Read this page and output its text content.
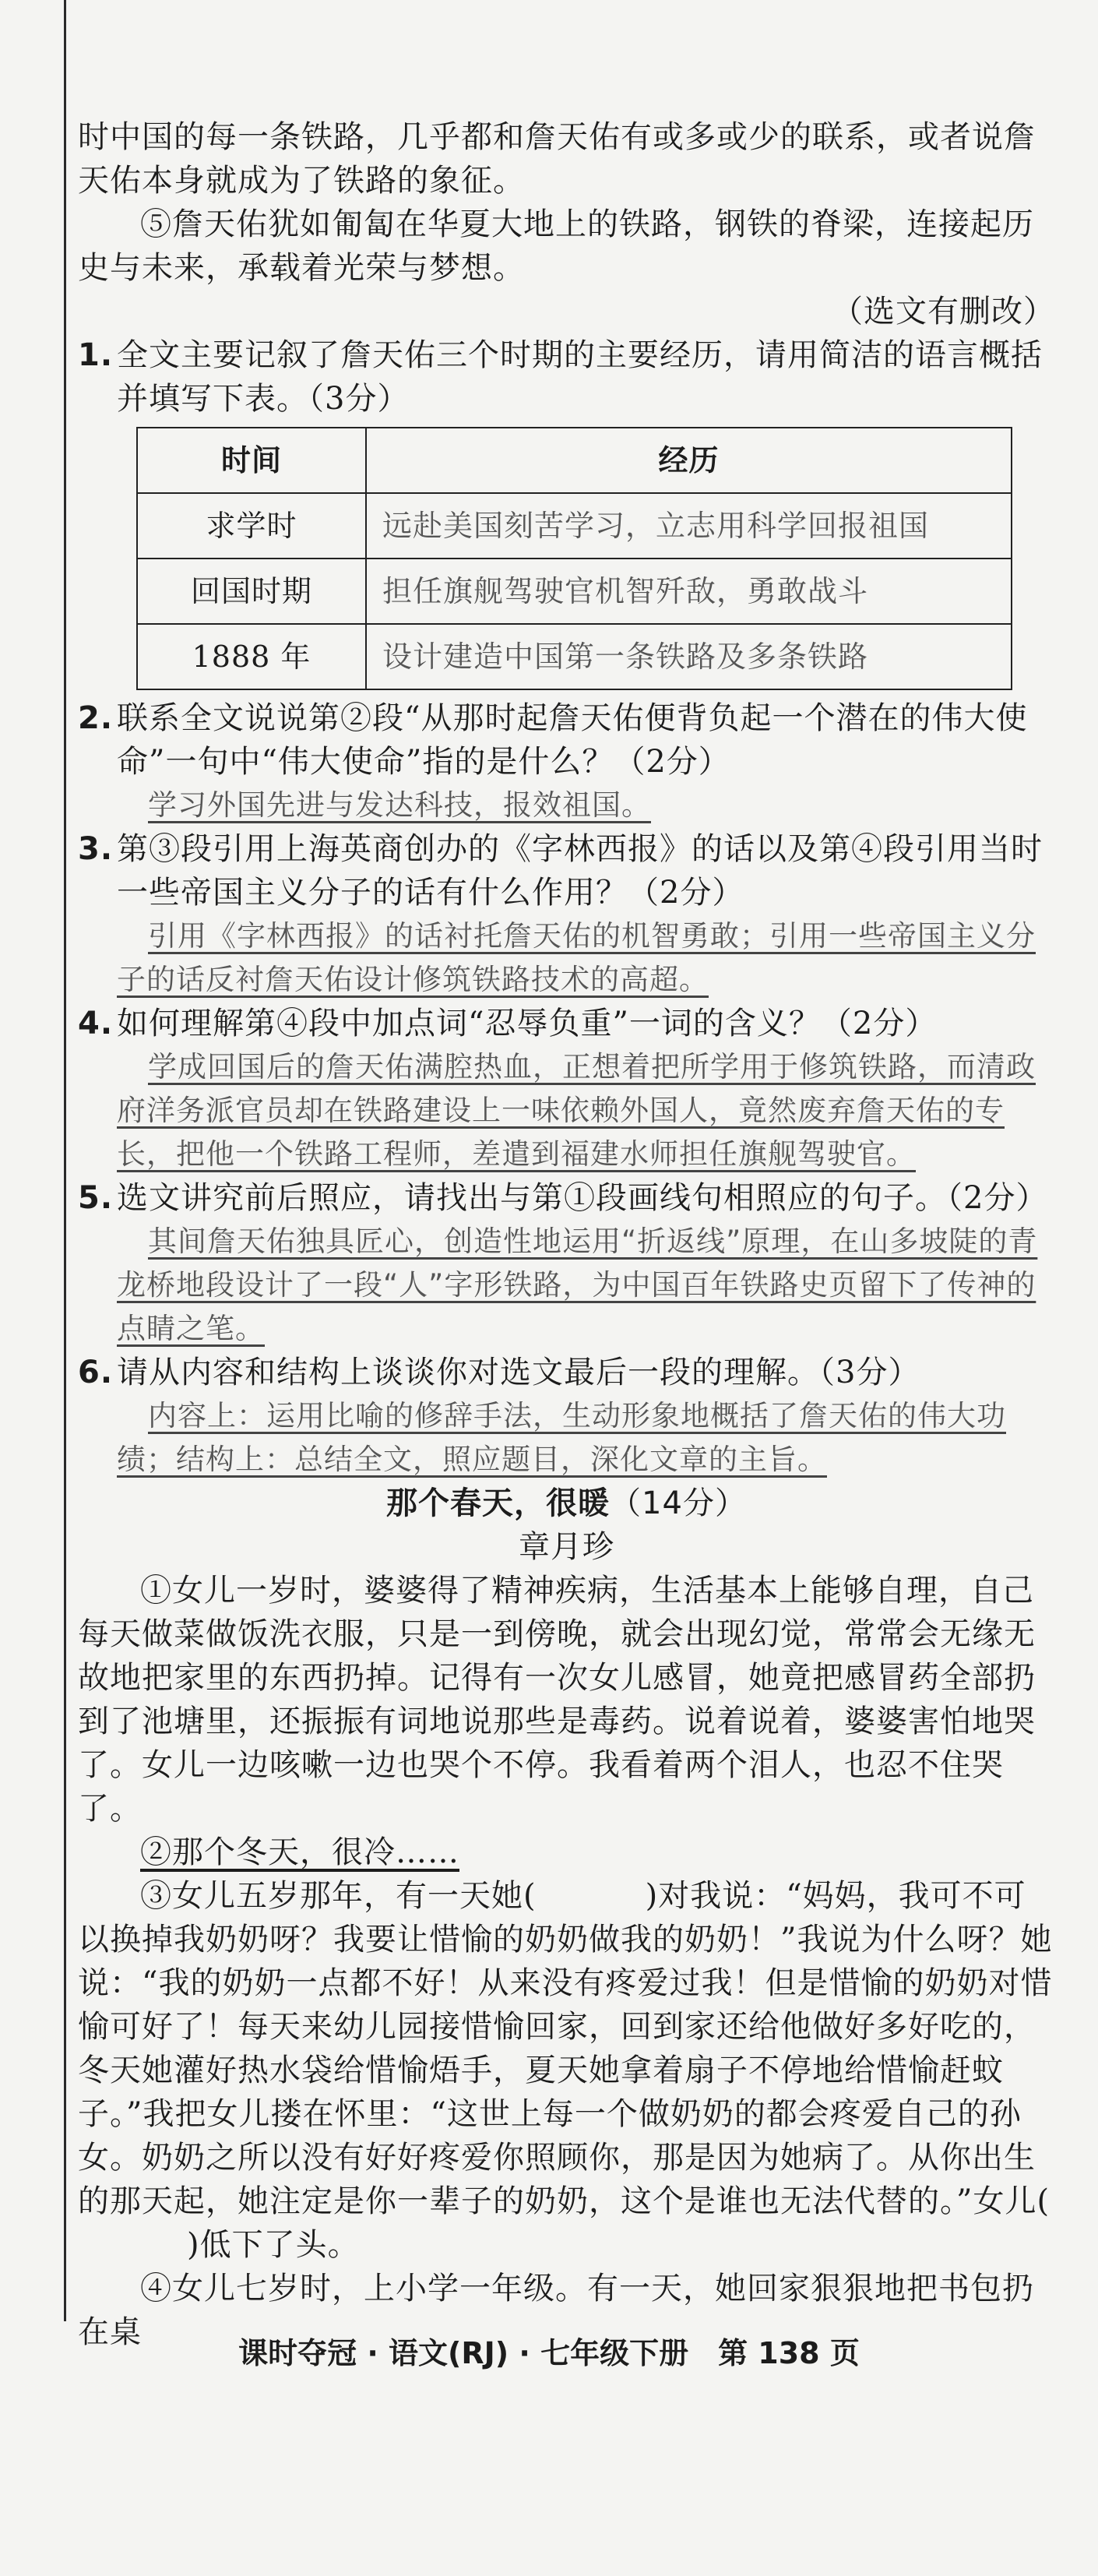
时中国的每一条铁路，几乎都和詹天佑有或多或少的联系，或者说詹天佑本身就成为了铁路的象征。

⑤詹天佑犹如匍匐在华夏大地上的铁路，钢铁的脊梁，连接起历史与未来，承载着光荣与梦想。

（选文有删改）

1. 全文主要记叙了詹天佑三个时期的主要经历，请用简洁的语言概括并填写下表。（3分）
时间	经历
求学时	远赴美国刻苦学习，立志用科学回报祖国
回国时期	担任旗舰驾驶官机智歼敌，勇敢战斗
1888 年	设计建造中国第一条铁路及多条铁路
2. 联系全文说说第②段“从那时起詹天佑便背负起一个潜在的伟大使命”一句中“伟大使命”指的是什么？（2分）

学习外国先进与发达科技，报效祖国。

3. 第③段引用上海英商创办的《字林西报》的话以及第④段引用当时一些帝国主义分子的话有什么作用？（2分）

引用《字林西报》的话衬托詹天佑的机智勇敢；引用一些帝国主义分子的话反衬詹天佑设计修筑铁路技术的高超。

4. 如何理解第④段中加点词“忍辱负重”一词的含义？（2分）

学成回国后的詹天佑满腔热血，正想着把所学用于修筑铁路，而清政府洋务派官员却在铁路建设上一味依赖外国人，竟然废弃詹天佑的专长，把他一个铁路工程师，差遣到福建水师担任旗舰驾驶官。

5. 选文讲究前后照应，请找出与第①段画线句相照应的句子。（2分）

其间詹天佑独具匠心，创造性地运用“折返线”原理，在山多坡陡的青龙桥地段设计了一段“人”字形铁路，为中国百年铁路史页留下了传神的点睛之笔。

6. 请从内容和结构上谈谈你对选文最后一段的理解。（3分）

内容上：运用比喻的修辞手法，生动形象地概括了詹天佑的伟大功绩；结构上：总结全文，照应题目，深化文章的主旨。

那个春天，很暖（14分）

章月珍

①女儿一岁时，婆婆得了精神疾病，生活基本上能够自理，自己每天做菜做饭洗衣服，只是一到傍晚，就会出现幻觉，常常会无缘无故地把家里的东西扔掉。记得有一次女儿感冒，她竟把感冒药全部扔到了池塘里，还振振有词地说那些是毒药。说着说着，婆婆害怕地哭了。女儿一边咳嗽一边也哭个不停。我看着两个泪人，也忍不住哭了。

②那个冬天，很冷……

③女儿五岁那年，有一天她(	)对我说：“妈妈，我可不可以换掉我奶奶呀？我要让惜愉的奶奶做我的奶奶！”我说为什么呀？她说：“我的奶奶一点都不好！从来没有疼爱过我！但是惜愉的奶奶对惜愉可好了！每天来幼儿园接惜愉回家，回到家还给他做好多好吃的，冬天她灌好热水袋给惜愉焐手，夏天她拿着扇子不停地给惜愉赶蚊子。”我把女儿搂在怀里：“这世上每一个做奶奶的都会疼爱自己的孙女。奶奶之所以没有好好疼爱你照顾你，那是因为她病了。从你出生的那天起，她注定是你一辈子的奶奶，这个是谁也无法代替的。”女儿()低下了头。

④女儿七岁时，上小学一年级。有一天，她回家狠狠地把书包扔在桌

课时夺冠 · 语文(RJ) · 七年级下册　第 138 页
